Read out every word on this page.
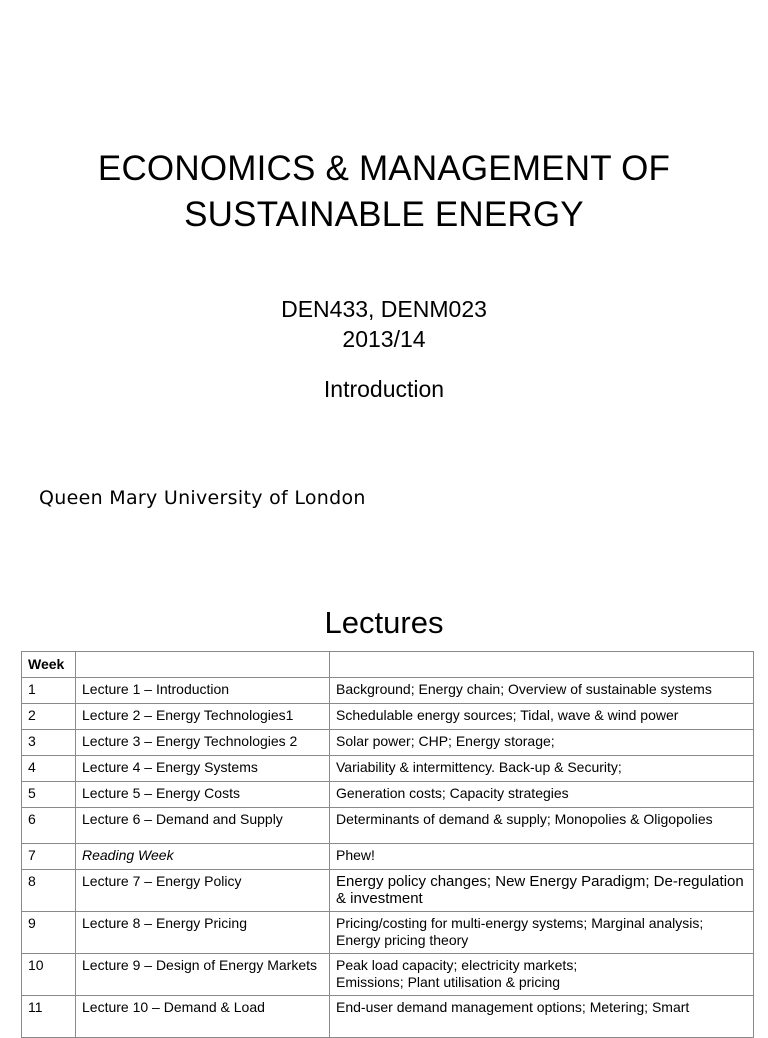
ECONOMICS & MANAGEMENT OF
SUSTAINABLE ENERGY
DEN433, DENM023
2013/14
Introduction
Queen Mary University of London
Lectures
Week		
1	Lecture 1 – Introduction	Background; Energy chain; Overview of sustainable systems
2	Lecture 2 – Energy Technologies1	Schedulable energy sources; Tidal, wave & wind power
3	Lecture 3 – Energy Technologies 2	Solar power; CHP; Energy storage;
4	Lecture 4 – Energy Systems	Variability & intermittency. Back-up & Security;
5	Lecture 5 – Energy Costs	Generation costs; Capacity strategies
6	Lecture 6 – Demand and Supply	Determinants of demand & supply; Monopolies & Oligopolies
7	Reading Week	Phew!
8	Lecture 7 – Energy Policy	Energy policy changes; New Energy Paradigm; De-regulation & investment
9	Lecture 8 – Energy Pricing	Pricing/costing for multi-energy systems; Marginal analysis; Energy pricing theory
10	Lecture 9 – Design of Energy Markets	Peak load capacity; electricity markets;
Emissions; Plant utilisation & pricing
11	Lecture 10 – Demand & Load	End-user demand management options; Metering; Smart
